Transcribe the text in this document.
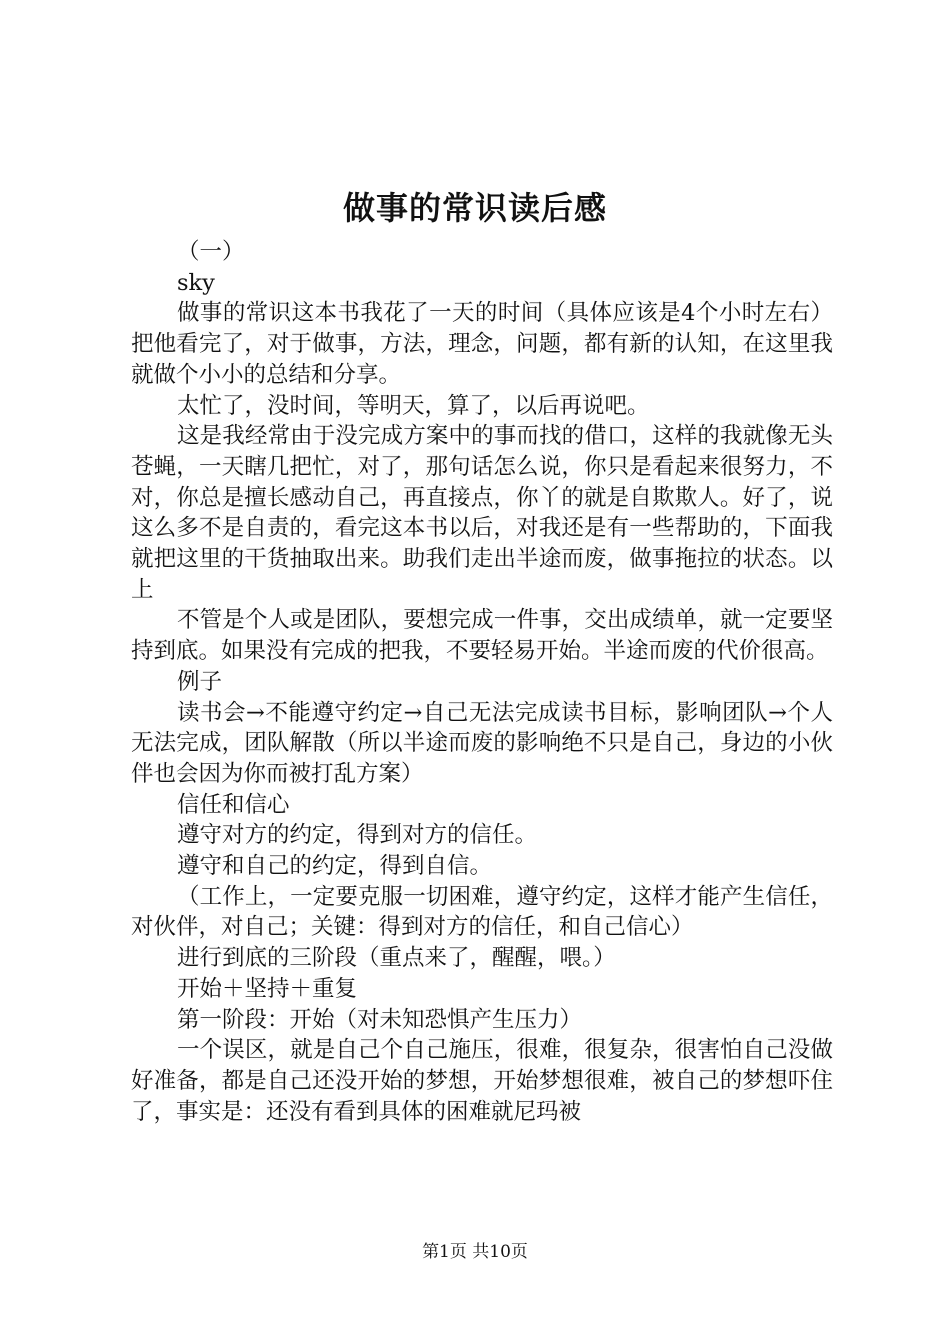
做事的常识读后感

（一）

sky

做事的常识这本书我花了一天的时间（具体应该是4个小时左右）把他看完了，对于做事，方法，理念，问题，都有新的认知，在这里我就做个小小的总结和分享。

太忙了，没时间，等明天，算了，以后再说吧。

这是我经常由于没完成方案中的事而找的借口，这样的我就像无头苍蝇，一天瞎几把忙，对了，那句话怎么说，你只是看起来很努力，不对，你总是擅长感动自己，再直接点，你丫的就是自欺欺人。好了，说这么多不是自责的，看完这本书以后，对我还是有一些帮助的，下面我就把这里的干货抽取出来。助我们走出半途而废，做事拖拉的状态。以上

不管是个人或是团队，要想完成一件事，交出成绩单，就一定要坚持到底。如果没有完成的把我，不要轻易开始。半途而废的代价很高。

例子

读书会→不能遵守约定→自己无法完成读书目标，影响团队→个人无法完成，团队解散（所以半途而废的影响绝不只是自己，身边的小伙伴也会因为你而被打乱方案）

信任和信心

遵守对方的约定，得到对方的信任。

遵守和自己的约定，得到自信。

（工作上，一定要克服一切困难，遵守约定，这样才能产生信任，对伙伴，对自己；关键：得到对方的信任，和自己信心）

进行到底的三阶段（重点来了，醒醒，喂。）

开始＋坚持＋重复

第一阶段：开始（对未知恐惧产生压力）

一个误区，就是自己个自己施压，很难，很复杂，很害怕自己没做好准备，都是自己还没开始的梦想，开始梦想很难，被自己的梦想吓住了，事实是：还没有看到具体的困难就尼玛被

第1页 共10页
